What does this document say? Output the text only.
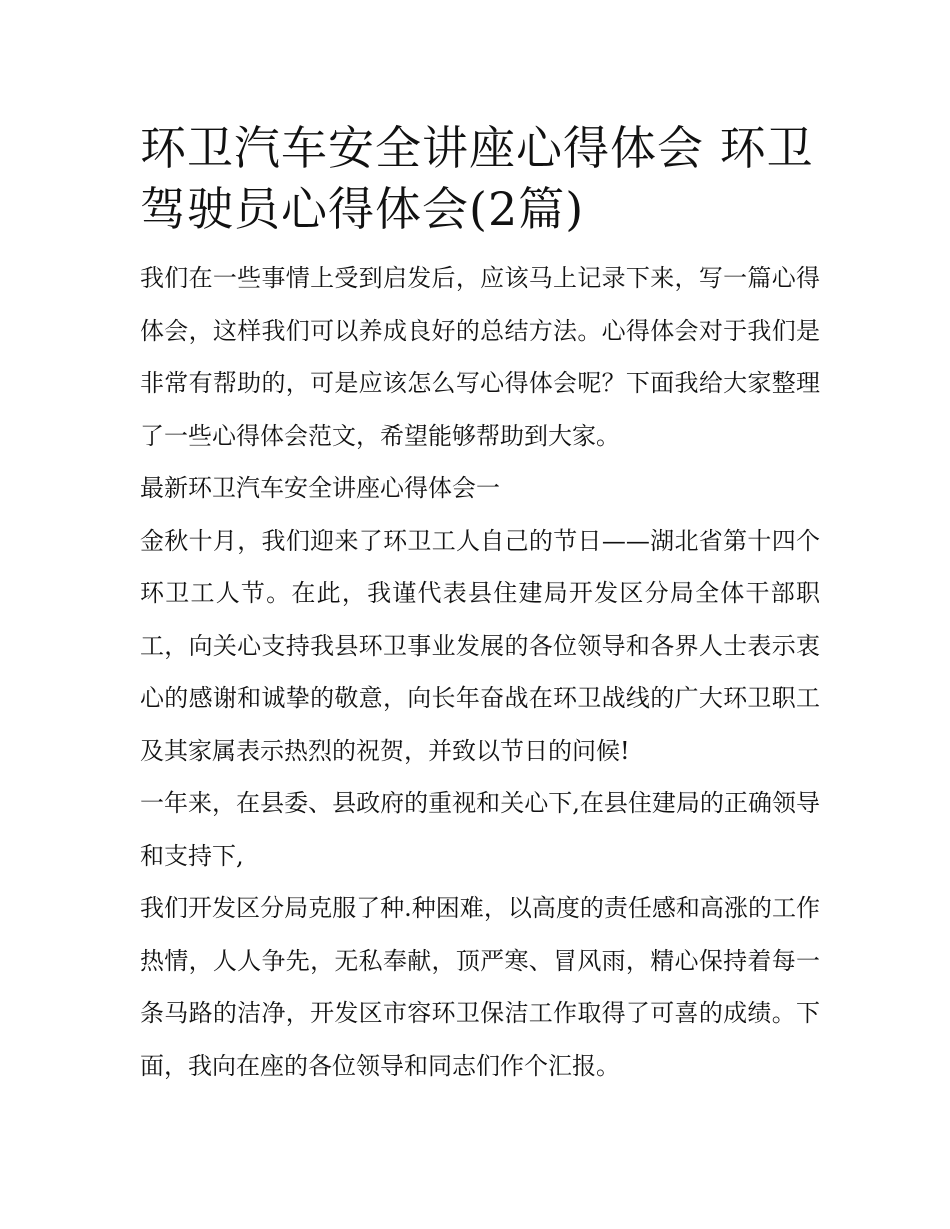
环卫汽车安全讲座心得体会 环卫驾驶员心得体会(2篇)

我们在一些事情上受到启发后，应该马上记录下来，写一篇心得体会，这样我们可以养成良好的总结方法。心得体会对于我们是非常有帮助的，可是应该怎么写心得体会呢？下面我给大家整理了一些心得体会范文，希望能够帮助到大家。

最新环卫汽车安全讲座心得体会一

金秋十月，我们迎来了环卫工人自己的节日——湖北省第十四个环卫工人节。在此，我谨代表县住建局开发区分局全体干部职工，向关心支持我县环卫事业发展的各位领导和各界人士表示衷心的感谢和诚挚的敬意，向长年奋战在环卫战线的广大环卫职工及其家属表示热烈的祝贺，并致以节日的问候!

一年来，在县委、县政府的重视和关心下,在县住建局的正确领导和支持下,

我们开发区分局克服了种.种困难，以高度的责任感和高涨的工作热情，人人争先，无私奉献，顶严寒、冒风雨，精心保持着每一条马路的洁净，开发区市容环卫保洁工作取得了可喜的成绩。下面，我向在座的各位领导和同志们作个汇报。
